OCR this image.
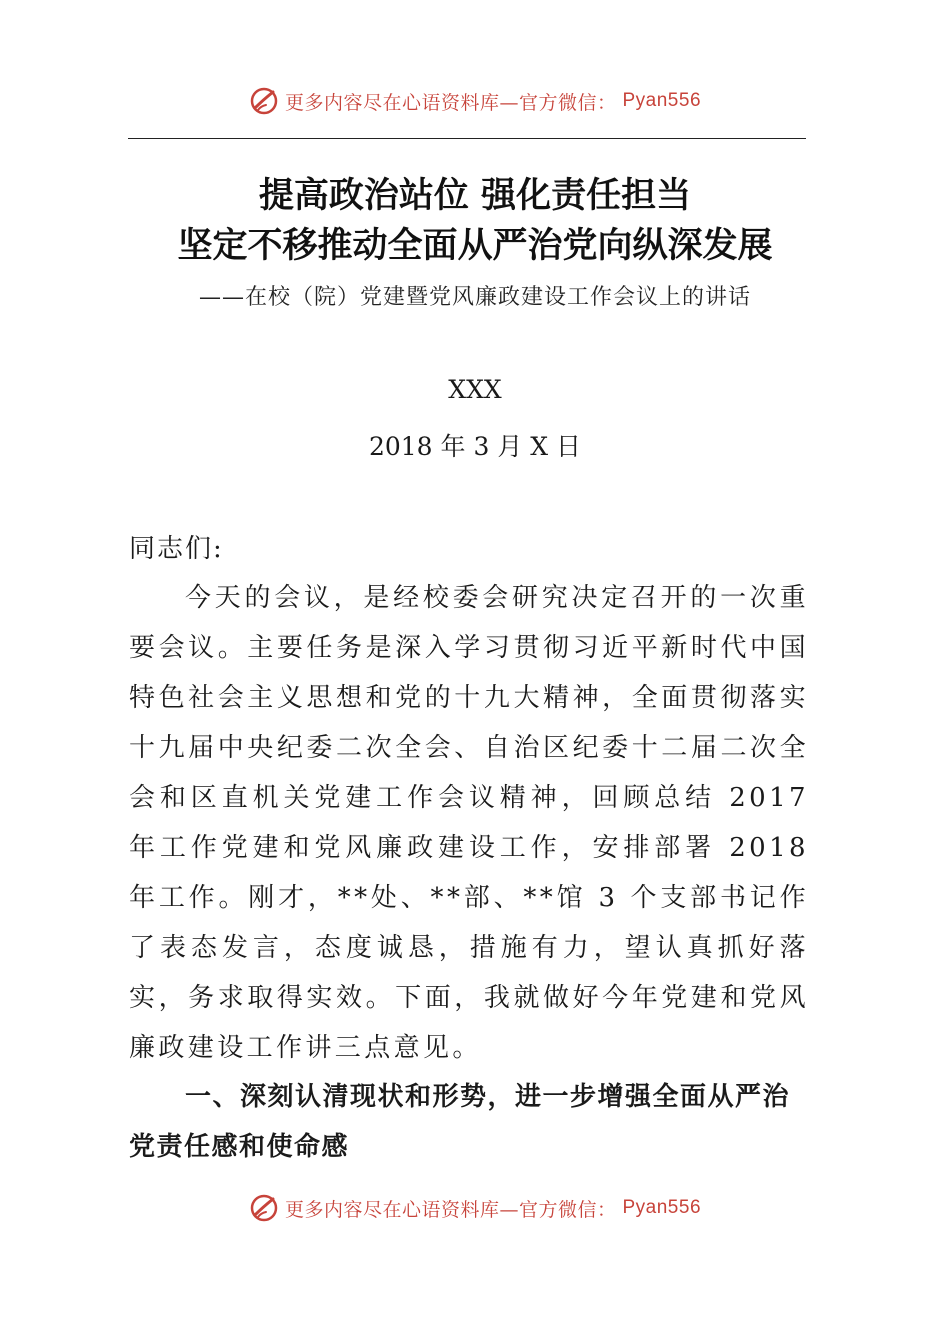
更多内容尽在心语资料库—官方微信： Pyan556
提高政治站位 强化责任担当
坚定不移推动全面从严治党向纵深发展
——在校（院）党建暨党风廉政建设工作会议上的讲话
XXX
2018 年 3 月 X 日
同志们:

今天的会议，是经校委会研究决定召开的一次重要会议。主要任务是深入学习贯彻习近平新时代中国特色社会主义思想和党的十九大精神，全面贯彻落实十九届中央纪委二次全会、自治区纪委十二届二次全会和区直机关党建工作会议精神，回顾总结 2017 年工作党建和党风廉政建设工作，安排部署 2018 年工作。刚才，**处、**部、**馆 3 个支部书记作了表态发言，态度诚恳，措施有力，望认真抓好落实，务求取得实效。下面，我就做好今年党建和党风廉政建设工作讲三点意见。

一、深刻认清现状和形势，进一步增强全面从严治党责任感和使命感

更多内容尽在心语资料库—官方微信： Pyan556
